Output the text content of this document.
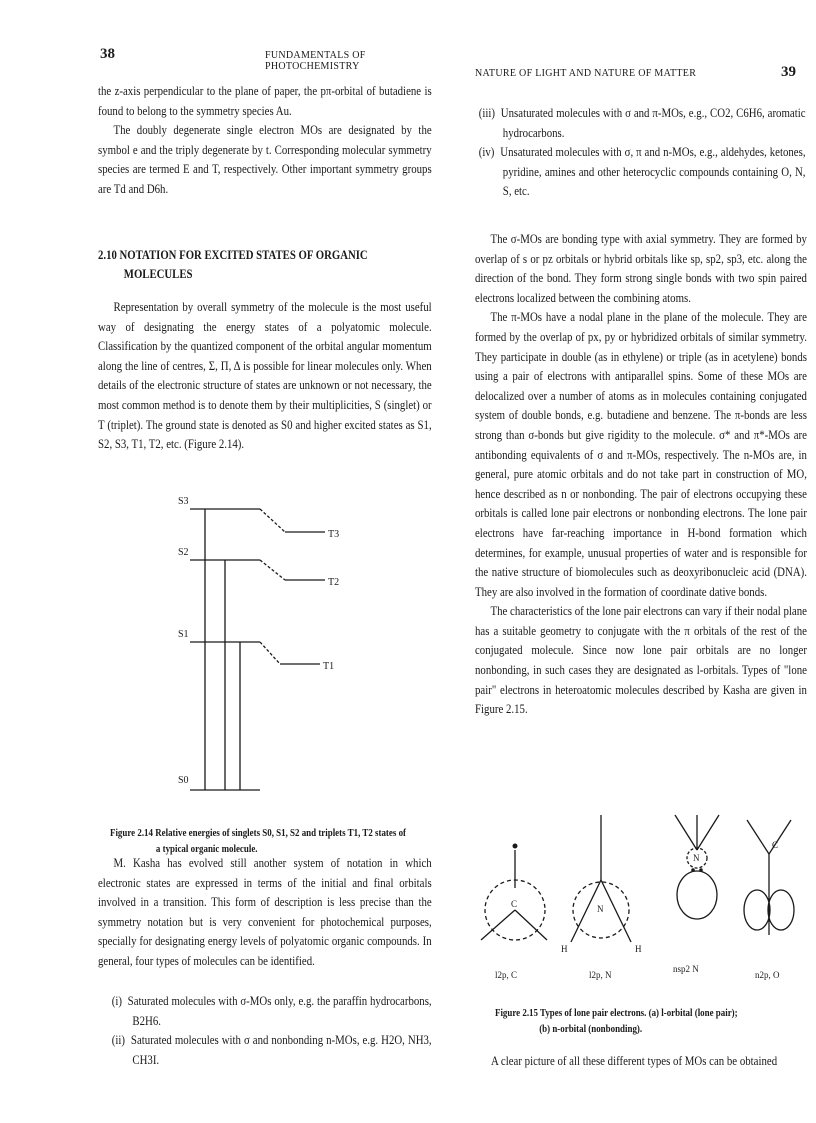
38	FUNDAMENTALS OF PHOTOCHEMISTRY

the z-axis perpendicular to the plane of paper, the pπ-orbital of butadiene is found to belong to the symmetry species Au.

The doubly degenerate single electron MOs are designated by the symbol e and the triply degenerate by t. Corresponding molecular symmetry species are termed E and T, respectively. Other important symmetry groups are Td and D6h.

2.10 NOTATION FOR EXCITED STATES OF ORGANIC
MOLECULES

Representation by overall symmetry of the molecule is the most useful way of designating the energy states of a polyatomic molecule. Classification by the quantized component of the orbital angular momentum along the line of centres, Σ, Π, Δ is possible for linear molecules only. When details of the electronic structure of states are unknown or not necessary, the most common method is to denote them by their multiplicities, S (singlet) or T (triplet). The ground state is denoted as S0 and higher excited states as S1, S2, S3, T1, T2, etc. (Figure 2.14).

S3
S2
S1
S0
T3
T2
T1
Figure 2.14 Relative energies of singlets S0, S1, S2 and triplets T1, T2 states of
a typical organic molecule.

M. Kasha has evolved still another system of notation in which electronic states are expressed in terms of the initial and final orbitals involved in a transition. This form of description is less precise than the symmetry notation but is very convenient for photochemical purposes, specially for designating energy levels of polyatomic organic compounds. In general, four types of molecules can be identified.

(i) Saturated molecules with σ-MOs only, e.g. the paraffin hydrocarbons, B2H6.

(ii) Saturated molecules with σ and nonbonding n-MOs, e.g. H2O, NH3, CH3I.

NATURE OF LIGHT AND NATURE OF MATTER	39

(iii) Unsaturated molecules with σ and π-MOs, e.g., CO2, C6H6, aromatic hydrocarbons.

(iv) Unsaturated molecules with σ, π and n-MOs, e.g., aldehydes, ketones, pyridine, amines and other heterocyclic compounds containing O, N, S, etc.

The σ-MOs are bonding type with axial symmetry. They are formed by overlap of s or pz orbitals or hybrid orbitals like sp, sp2, sp3, etc. along the direction of the bond. They form strong single bonds with two spin paired electrons localized between the combining atoms.

The π-MOs have a nodal plane in the plane of the molecule. They are formed by the overlap of px, py or hybridized orbitals of similar symmetry. They participate in double (as in ethylene) or triple (as in acetylene) bonds using a pair of electrons with antiparallel spins. Some of these MOs are delocalized over a number of atoms as in molecules containing conjugated system of double bonds, e.g. butadiene and benzene. The π-bonds are less strong than σ-bonds but give rigidity to the molecule. σ* and π*-MOs are antibonding equivalents of σ and π-MOs, respectively. The n-MOs are, in general, pure atomic orbitals and do not take part in construction of MO, hence described as n or nonbonding. The pair of electrons occupying these orbitals is called lone pair electrons or nonbonding electrons. The lone pair electrons have far-reaching importance in H-bond formation which determines, for example, unusual properties of water and is responsible for the native structure of biomolecules such as deoxyribonucleic acid (DNA). They are also involved in the formation of coordinate dative bonds.

The characteristics of the lone pair electrons can vary if their nodal plane has a suitable geometry to conjugate with the π orbitals of the rest of the conjugated molecule. Since now lone pair orbitals are no longer nonbonding, in such cases they are designated as l-orbitals. Types of "lone pair" electrons in heteroatomic molecules described by Kasha are given in Figure 2.15.

C	N
N
C
H	H
l2p, C	l2p, N
nsp2 N
n2p, O
Figure 2.15 Types of lone pair electrons. (a) l-orbital (lone pair);
(b) n-orbital (nonbonding).

A clear picture of all these different types of MOs can be obtained
